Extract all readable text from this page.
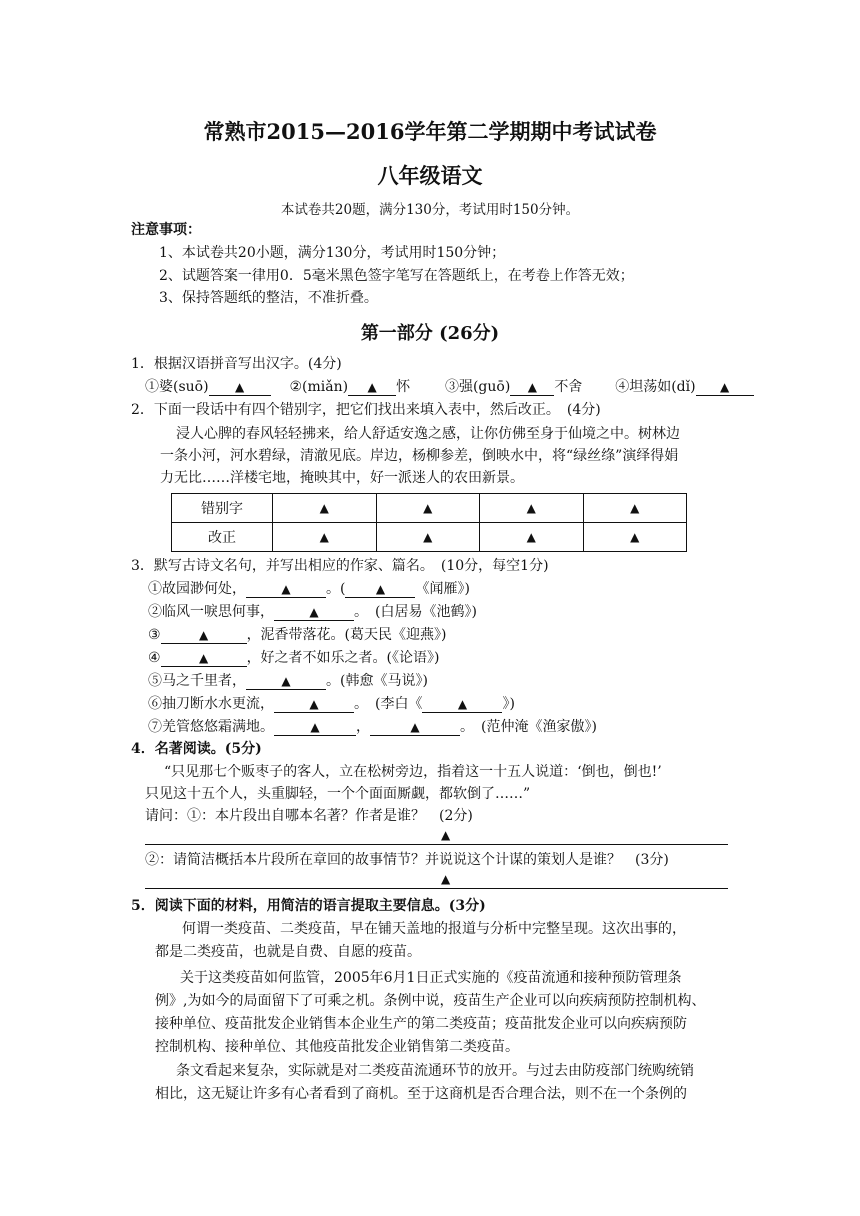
常熟市2015—2016学年第二学期期中考试试卷
八年级语文
本试卷共20题，满分130分，考试用时150分钟。
注意事项：
1、本试卷共20小题，满分130分，考试用时150分钟；
2、试题答案一律用0．5毫米黑色签字笔写在答题纸上，在考卷上作答无效；
3、保持答题纸的整洁，不准折叠。
第一部分 (26分)
1．根据汉语拼音写出汉字。(4分)
①婆(suō) ▲	②(miǎn) ▲ 怀 ③强(guō) ▲ 不舍 ④坦荡如(dǐ) ▲
2．下面一段话中有四个错别字，把它们找出来填入表中，然后改正。　(4分)
浸人心脾的春风轻轻拂来，给人舒适安逸之感，让你仿佛至身于仙境之中。树林边
一条小河，河水碧绿，清澈见底。岸边，杨柳参差，倒映水中，将“绿丝绦”演绎得娟
力无比……洋楼宅地，掩映其中，好一派迷人的农田新景。
错别字	▲	▲	▲	▲
改正	▲	▲	▲	▲
3．默写古诗文名句，并写出相应的作家、篇名。　(10分，每空1分)
①故园渺何处，	▲	。(	▲ 《闻雁》)
②临风一唳思何事，	▲	。　(白居易《池鹤》)
③	▲	，泥香带落花。(葛天民《迎燕》)
④	▲	，好之者不如乐之者。(《论语》)
⑤马之千里者，	▲	。(韩愈《马说》)
⑥抽刀断水水更流，	▲	。　(李白《	▲	》)
⑦羌管悠悠霜满地。	▲	，	▲	。　(范仲淹《渔家傲》)
4．名著阅读。(5分)
“只见那七个贩枣子的客人，立在松树旁边，指着这一十五人说道：‘倒也，倒也!’
只见这十五个人，头重脚轻，一个个面面厮觑，都软倒了……”
请问：①：本片段出自哪本名著？作者是谁？　(2分)
▲
②：请简洁概括本片段所在章回的故事情节？并说说这个计谋的策划人是谁？　(3分)
▲
5．阅读下面的材料，用简洁的语言提取主要信息。(3分)
何谓一类疫苗、二类疫苗，早在铺天盖地的报道与分析中完整呈现。这次出事的，
都是二类疫苗，也就是自费、自愿的疫苗。
关于这类疫苗如何监管，2005年6月1日正式实施的《疫苗流通和接种预防管理条
例》,为如今的局面留下了可乘之机。条例中说，疫苗生产企业可以向疾病预防控制机构、
接种单位、疫苗批发企业销售本企业生产的第二类疫苗；疫苗批发企业可以向疾病预防
控制机构、接种单位、其他疫苗批发企业销售第二类疫苗。
条文看起来复杂，实际就是对二类疫苗流通环节的放开。与过去由防疫部门统购统销
相比，这无疑让许多有心者看到了商机。至于这商机是否合理合法，则不在一个条例的
